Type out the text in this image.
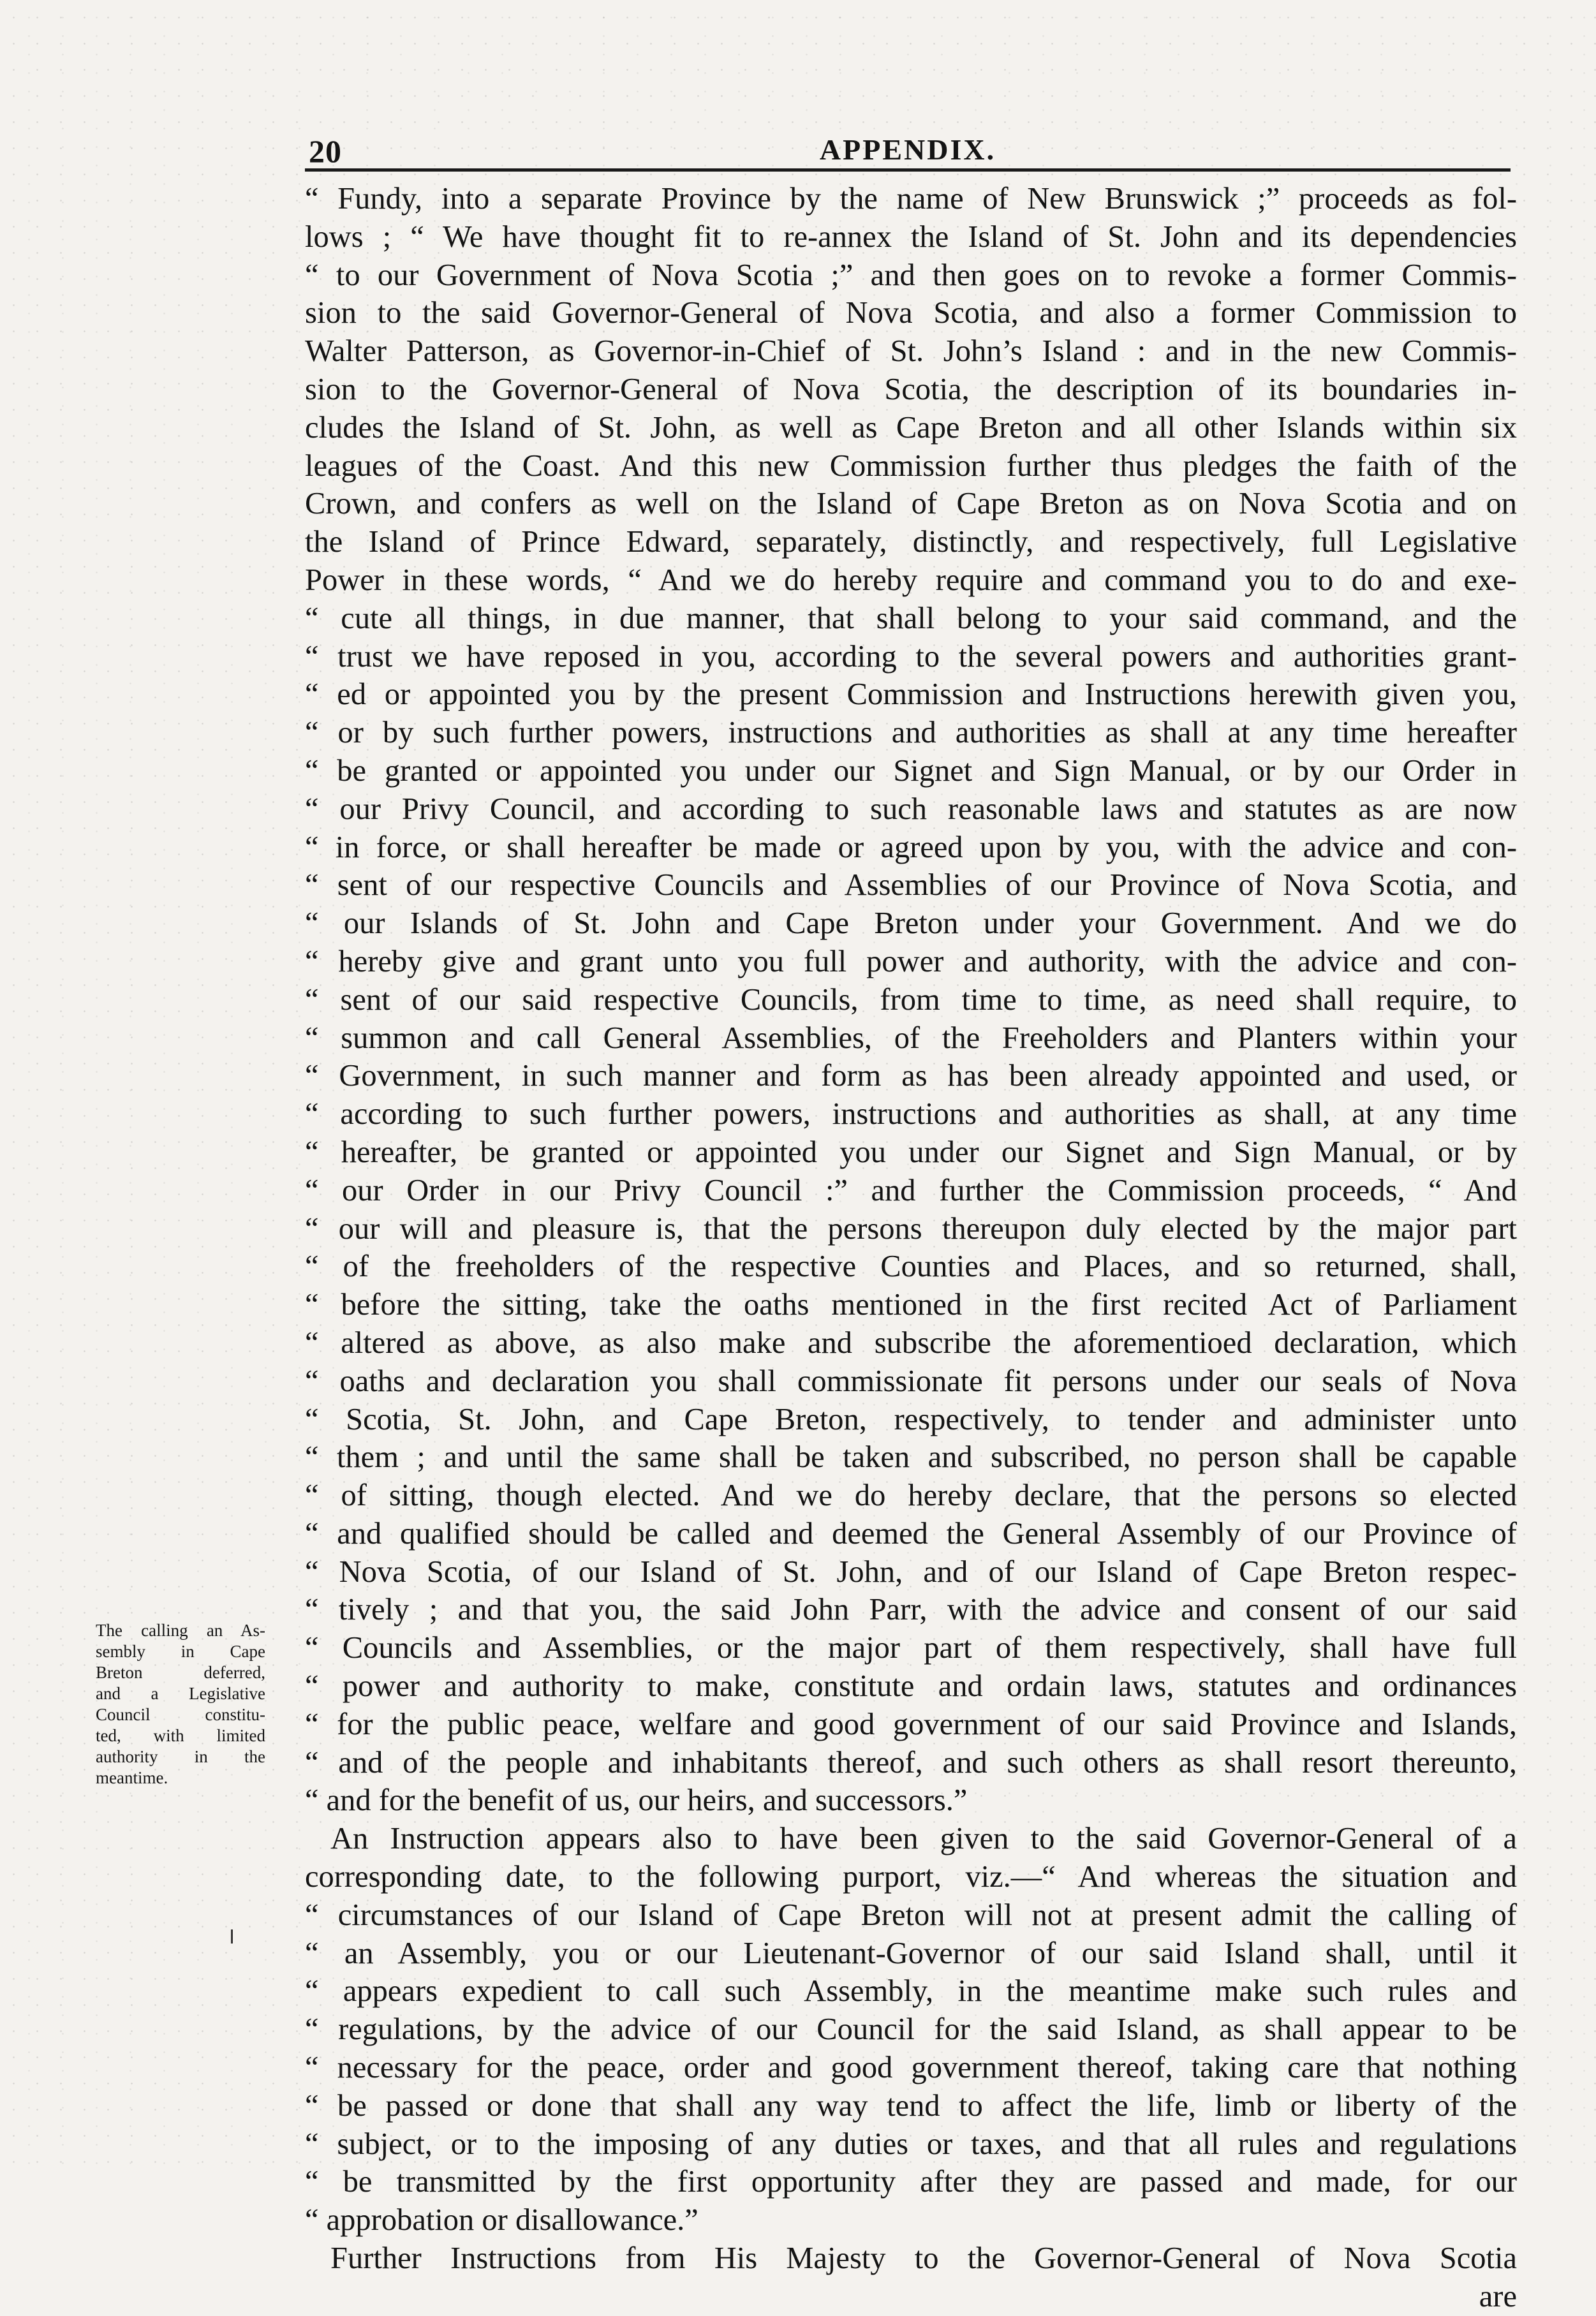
20	APPENDIX.
“ Fundy, into a separate Province by the name of New Brunswick ;” proceeds as fol-
lows ; “ We have thought fit to re-annex the Island of St. John and its dependencies
“ to our Government of Nova Scotia ;” and then goes on to revoke a former Commis-
sion to the said Governor-General of Nova Scotia, and also a former Commission to
Walter Patterson, as Governor-in-Chief of St. John’s Island : and in the new Commis-
sion to the Governor-General of Nova Scotia, the description of its boundaries in-
cludes the Island of St. John, as well as Cape Breton and all other Islands within six
leagues of the Coast. And this new Commission further thus pledges the faith of the
Crown, and confers as well on the Island of Cape Breton as on Nova Scotia and on
the Island of Prince Edward, separately, distinctly, and respectively, full Legislative
Power in these words, “ And we do hereby require and command you to do and exe-
“ cute all things, in due manner, that shall belong to your said command, and the
“ trust we have reposed in you, according to the several powers and authorities grant-
“ ed or appointed you by the present Commission and Instructions herewith given you,
“ or by such further powers, instructions and authorities as shall at any time hereafter
“ be granted or appointed you under our Signet and Sign Manual, or by our Order in
“ our Privy Council, and according to such reasonable laws and statutes as are now
“ in force, or shall hereafter be made or agreed upon by you, with the advice and con-
“ sent of our respective Councils and Assemblies of our Province of Nova Scotia, and
“ our Islands of St. John and Cape Breton under your Government. And we do
“ hereby give and grant unto you full power and authority, with the advice and con-
“ sent of our said respective Councils, from time to time, as need shall require, to
“ summon and call General Assemblies, of the Freeholders and Planters within your
“ Government, in such manner and form as has been already appointed and used, or
“ according to such further powers, instructions and authorities as shall, at any time
“ hereafter, be granted or appointed you under our Signet and Sign Manual, or by
“ our Order in our Privy Council :” and further the Commission proceeds, “ And
“ our will and pleasure is, that the persons thereupon duly elected by the major part
“ of the freeholders of the respective Counties and Places, and so returned, shall,
“ before the sitting, take the oaths mentioned in the first recited Act of Parliament
“ altered as above, as also make and subscribe the aforementioed declaration, which
“ oaths and declaration you shall commissionate fit persons under our seals of Nova
“ Scotia, St. John, and Cape Breton, respectively, to tender and administer unto
“ them ; and until the same shall be taken and subscribed, no person shall be capable
“ of sitting, though elected. And we do hereby declare, that the persons so elected
“ and qualified should be called and deemed the General Assembly of our Province of
“ Nova Scotia, of our Island of St. John, and of our Island of Cape Breton respec-
“ tively ; and that you, the said John Parr, with the advice and consent of our said
“ Councils and Assemblies, or the major part of them respectively, shall have full
“ power and authority to make, constitute and ordain laws, statutes and ordinances
“ for the public peace, welfare and good government of our said Province and Islands,
“ and of the people and inhabitants thereof, and such others as shall resort thereunto,
“ and for the benefit of us, our heirs, and successors.”
An Instruction appears also to have been given to the said Governor-General of a
corresponding date, to the following purport, viz.—“ And whereas the situation and
“ circumstances of our Island of Cape Breton will not at present admit the calling of
“ an Assembly, you or our Lieutenant-Governor of our said Island shall, until it
“ appears expedient to call such Assembly, in the meantime make such rules and
“ regulations, by the advice of our Council for the said Island, as shall appear to be
“ necessary for the peace, order and good government thereof, taking care that nothing
“ be passed or done that shall any way tend to affect the life, limb or liberty of the
“ subject, or to the imposing of any duties or taxes, and that all rules and regulations
“ be transmitted by the first opportunity after they are passed and made, for our
“ approbation or disallowance.”
Further Instructions from His Majesty to the Governor-General of Nova Scotia
are
The calling an As-
sembly in Cape
Breton deferred,
and a Legislative
Council constitu-
ted, with limited
authority in the
meantime.
